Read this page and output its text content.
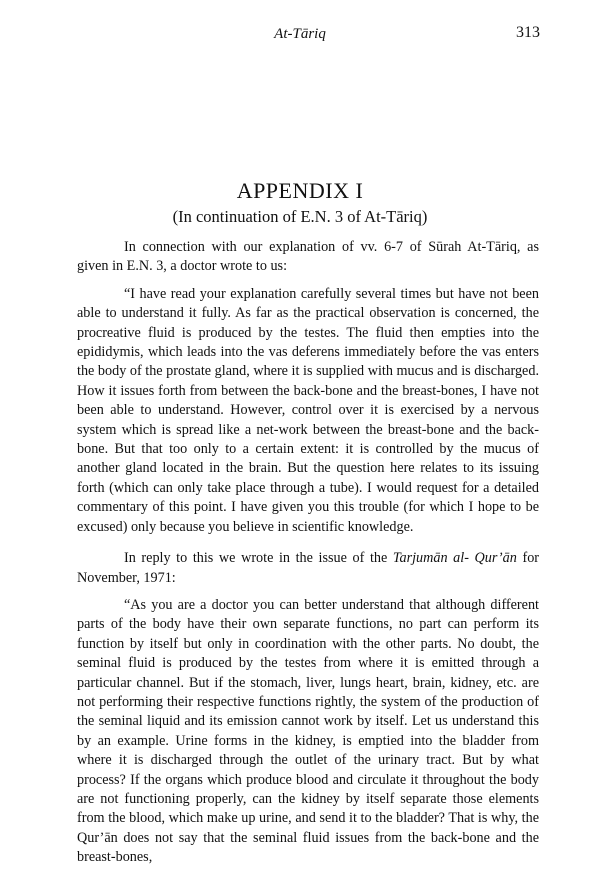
At-Tāriq	313
APPENDIX I
(In continuation of E.N. 3 of At-Tāriq)

In connection with our explanation of vv. 6-7 of Sūrah At-Tāriq, as given in E.N. 3, a doctor wrote to us:

“I have read your explanation carefully several times but have not been able to understand it fully. As far as the practical observation is concerned, the procreative fluid is produced by the testes. The fluid then empties into the epididymis, which leads into the vas deferens immediately before the vas enters the body of the prostate gland, where it is supplied with mucus and is discharged. How it issues forth from between the back-bone and the breast-bones, I have not been able to understand. However, control over it is exercised by a nervous system which is spread like a net-work between the breast-bone and the back-bone. But that too only to a certain extent: it is controlled by the mucus of another gland located in the brain. But the question here relates to its issuing forth (which can only take place through a tube). I would request for a detailed commentary of this point. I have given you this trouble (for which I hope to be excused) only because you believe in scientific knowledge.

In reply to this we wrote in the issue of the Tarjumān al- Qur’ān for November, 1971:

“As you are a doctor you can better understand that although different parts of the body have their own separate functions, no part can perform its function by itself but only in coordination with the other parts. No doubt, the seminal fluid is produced by the testes from where it is emitted through a particular channel. But if the stomach, liver, lungs heart, brain, kidney, etc. are not performing their respective functions rightly, the system of the production of the seminal liquid and its emission cannot work by itself. Let us understand this by an example. Urine forms in the kidney, is emptied into the bladder from where it is discharged through the outlet of the urinary tract. But by what process? If the organs which produce blood and circulate it throughout the body are not functioning properly, can the kidney by itself separate those elements from the blood, which make up urine, and send it to the bladder? That is why, the Qur’ān does not say that the seminal fluid issues from the back-bone and the breast-bones,
